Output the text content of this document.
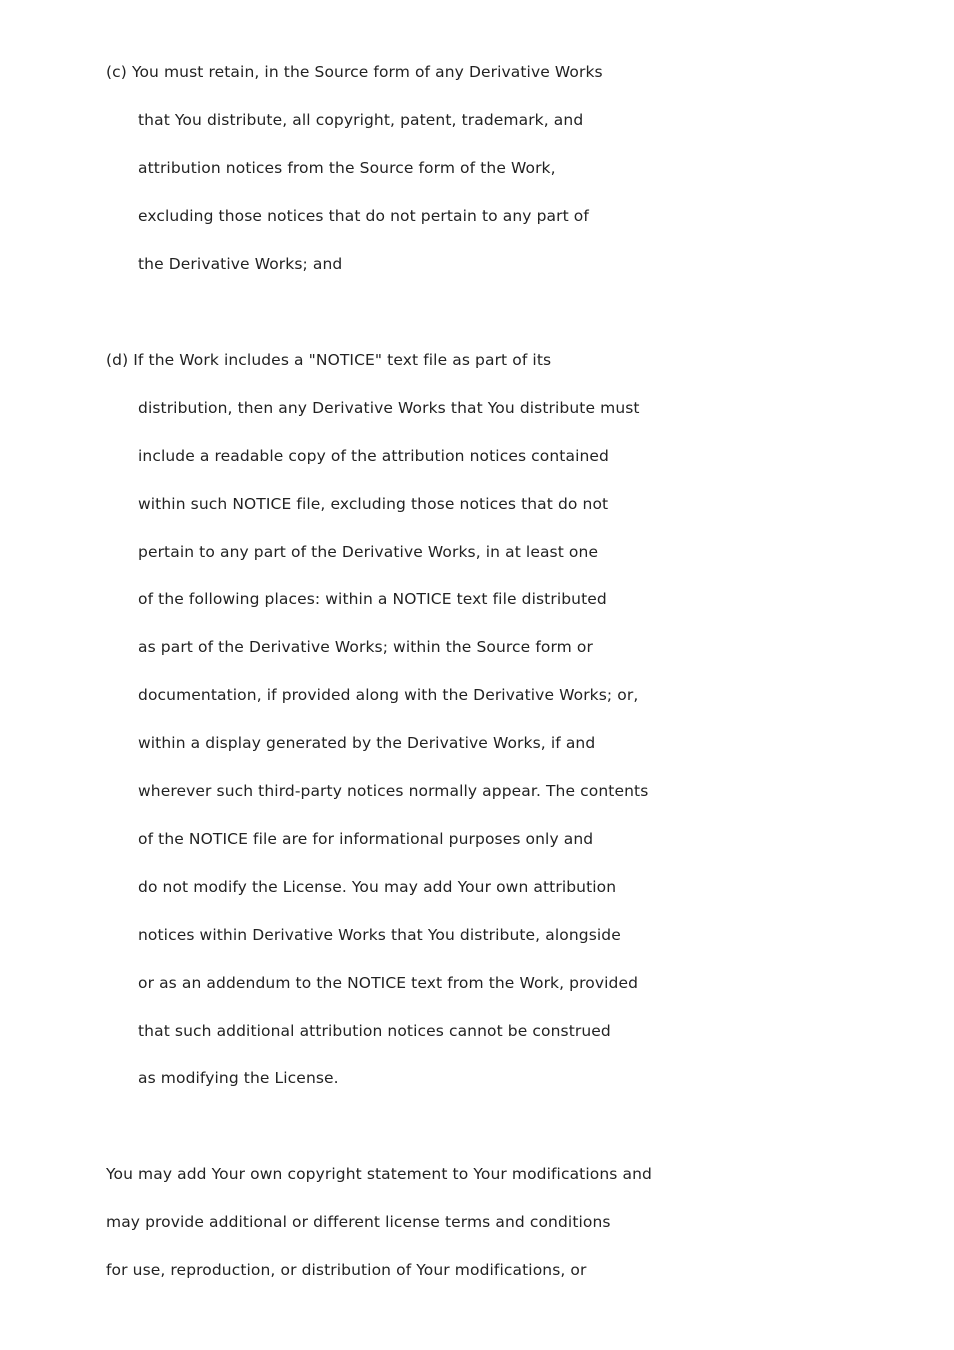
(c) You must retain, in the Source form of any Derivative Works
that You distribute, all copyright, patent, trademark, and
attribution notices from the Source form of the Work,
excluding those notices that do not pertain to any part of
the Derivative Works; and
(d) If the Work includes a "NOTICE" text file as part of its
distribution, then any Derivative Works that You distribute must
include a readable copy of the attribution notices contained
within such NOTICE file, excluding those notices that do not
pertain to any part of the Derivative Works, in at least one
of the following places: within a NOTICE text file distributed
as part of the Derivative Works; within the Source form or
documentation, if provided along with the Derivative Works; or,
within a display generated by the Derivative Works, if and
wherever such third-party notices normally appear. The contents
of the NOTICE file are for informational purposes only and
do not modify the License. You may add Your own attribution
notices within Derivative Works that You distribute, alongside
or as an addendum to the NOTICE text from the Work, provided
that such additional attribution notices cannot be construed
as modifying the License.
You may add Your own copyright statement to Your modifications and
may provide additional or different license terms and conditions
for use, reproduction, or distribution of Your modifications, or
